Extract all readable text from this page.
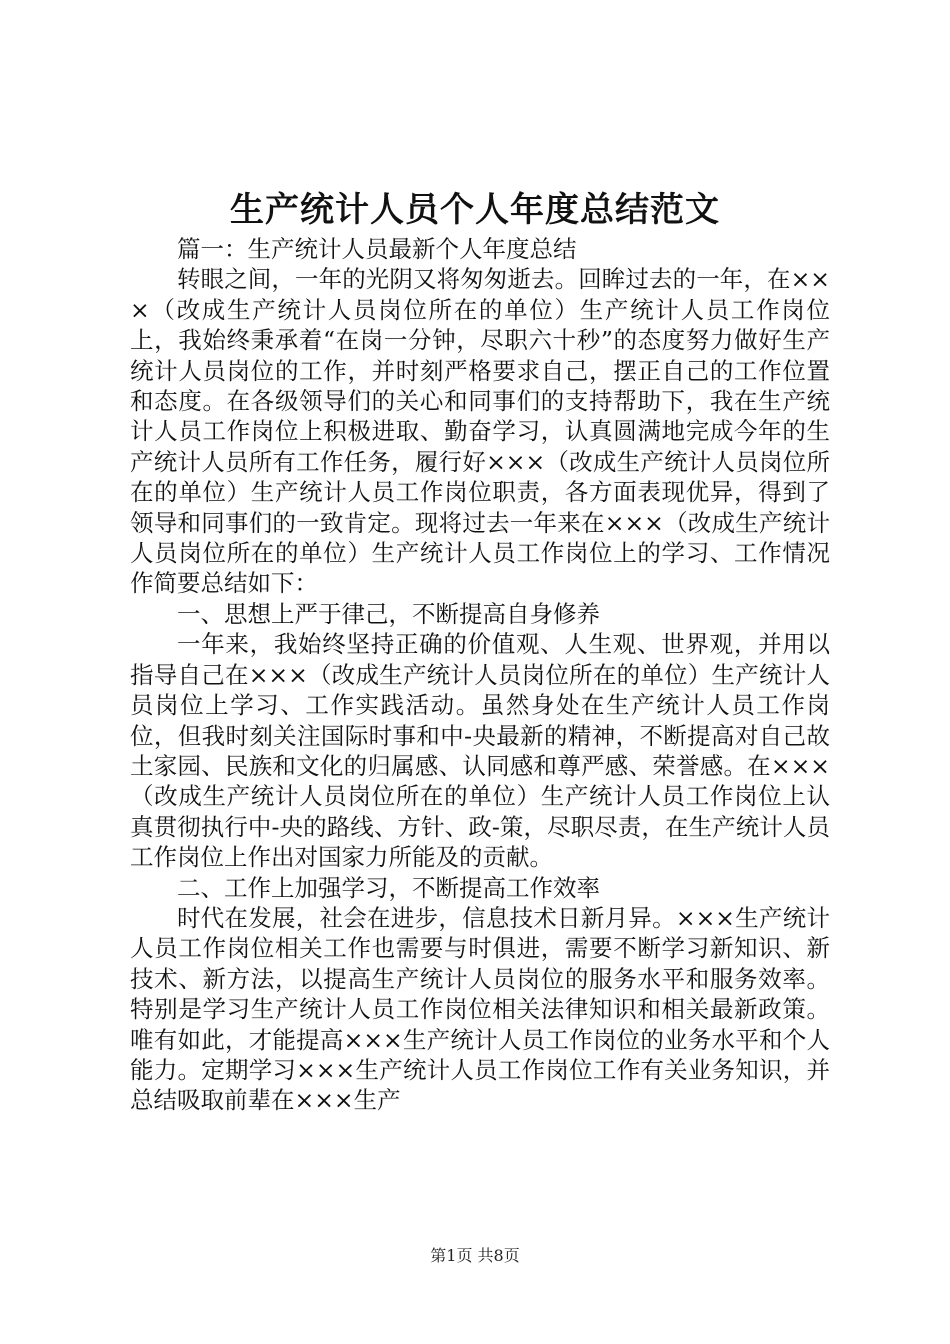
生产统计人员个人年度总结范文

篇一：生产统计人员最新个人年度总结

转眼之间，一年的光阴又将匆匆逝去。回眸过去的一年，在×××（改成生产统计人员岗位所在的单位）生产统计人员工作岗位上，我始终秉承着“在岗一分钟，尽职六十秒”的态度努力做好生产统计人员岗位的工作，并时刻严格要求自己，摆正自己的工作位置和态度。在各级领导们的关心和同事们的支持帮助下，我在生产统计人员工作岗位上积极进取、勤奋学习，认真圆满地完成今年的生产统计人员所有工作任务，履行好×××（改成生产统计人员岗位所在的单位）生产统计人员工作岗位职责，各方面表现优异，得到了领导和同事们的一致肯定。现将过去一年来在×××（改成生产统计人员岗位所在的单位）生产统计人员工作岗位上的学习、工作情况作简要总结如下：

一、思想上严于律己，不断提高自身修养

一年来，我始终坚持正确的价值观、人生观、世界观，并用以指导自己在×××（改成生产统计人员岗位所在的单位）生产统计人员岗位上学习、工作实践活动。虽然身处在生产统计人员工作岗位，但我时刻关注国际时事和中-央最新的精神，不断提高对自己故土家园、民族和文化的归属感、认同感和尊严感、荣誉感。在×××（改成生产统计人员岗位所在的单位）生产统计人员工作岗位上认真贯彻执行中-央的路线、方针、政-策，尽职尽责，在生产统计人员工作岗位上作出对国家力所能及的贡献。

二、工作上加强学习，不断提高工作效率

时代在发展，社会在进步，信息技术日新月异。×××生产统计人员工作岗位相关工作也需要与时俱进，需要不断学习新知识、新技术、新方法，以提高生产统计人员岗位的服务水平和服务效率。特别是学习生产统计人员工作岗位相关法律知识和相关最新政策。唯有如此，才能提高×××生产统计人员工作岗位的业务水平和个人能力。定期学习×××生产统计人员工作岗位工作有关业务知识，并总结吸取前辈在×××生产

第1页 共8页
